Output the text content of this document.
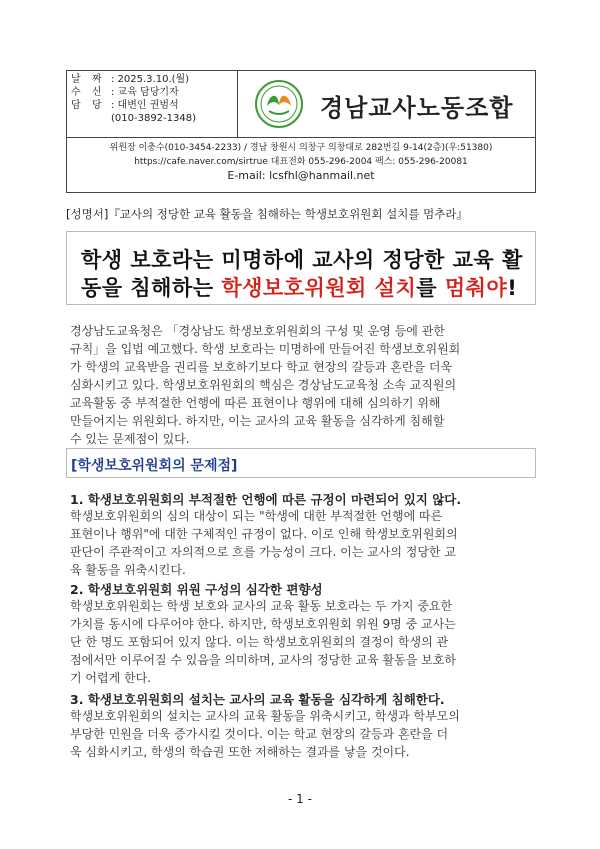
날 짜 : 2025.3.10.(월)
수 신 : 교육 담당기자
담 당 : 대변인 권범석
(010-3892-1348)	경남교사노동조합
위원장 이충수(010-3454-2233) / 경남 창원시 의창구 의창대로 282번길 9-14(2층)(우:51380)
https://cafe.naver.com/sirtrue 대표전화 055-296-2004 팩스: 055-296-20081
E-mail: lcsfhl@hanmail.net
[성명서]『교사의 정당한 교육 활동을 침해하는 학생보호위원회 설치를 멈추라』
학생 보호라는 미명하에 교사의 정당한 교육 활
동을 침해하는 학생보호위원회 설치를 멈춰야!
경상남도교육청은 「경상남도 학생보호위원회의 구성 및 운영 등에 관한
규칙」을 입법 예고했다. 학생 보호라는 미명하에 만들어진 학생보호위원회
가 학생의 교육받을 권리를 보호하기보다 학교 현장의 갈등과 혼란을 더욱
심화시키고 있다. 학생보호위원회의 핵심은 경상남도교육청 소속 교직원의
교육활동 중 부적절한 언행에 따른 표현이나 행위에 대해 심의하기 위해
만들어지는 위원회다. 하지만, 이는 교사의 교육 활동을 심각하게 침해할
수 있는 문제점이 있다.
[학생보호위원회의 문제점]
1. 학생보호위원회의 부적절한 언행에 따른 규정이 마련되어 있지 않다.
학생보호위원회의 심의 대상이 되는 "학생에 대한 부적절한 언행에 따른
표현이나 행위"에 대한 구체적인 규정이 없다. 이로 인해 학생보호위원회의
판단이 주관적이고 자의적으로 흐를 가능성이 크다. 이는 교사의 정당한 교
육 활동을 위축시킨다.
2. 학생보호위원회 위원 구성의 심각한 편향성
학생보호위원회는 학생 보호와 교사의 교육 활동 보호라는 두 가지 중요한
가치를 동시에 다루어야 한다. 하지만, 학생보호위원회 위원 9명 중 교사는
단 한 명도 포함되어 있지 않다. 이는 학생보호위원회의 결정이 학생의 관
점에서만 이루어질 수 있음을 의미하며, 교사의 정당한 교육 활동을 보호하
기 어렵게 한다.
3. 학생보호위원회의 설치는 교사의 교육 활동을 심각하게 침해한다.
학생보호위원회의 설치는 교사의 교육 활동을 위축시키고, 학생과 학부모의
부당한 민원을 더욱 증가시킬 것이다. 이는 학교 현장의 갈등과 혼란을 더
욱 심화시키고, 학생의 학습권 또한 저해하는 결과를 낳을 것이다.
- 1 -
